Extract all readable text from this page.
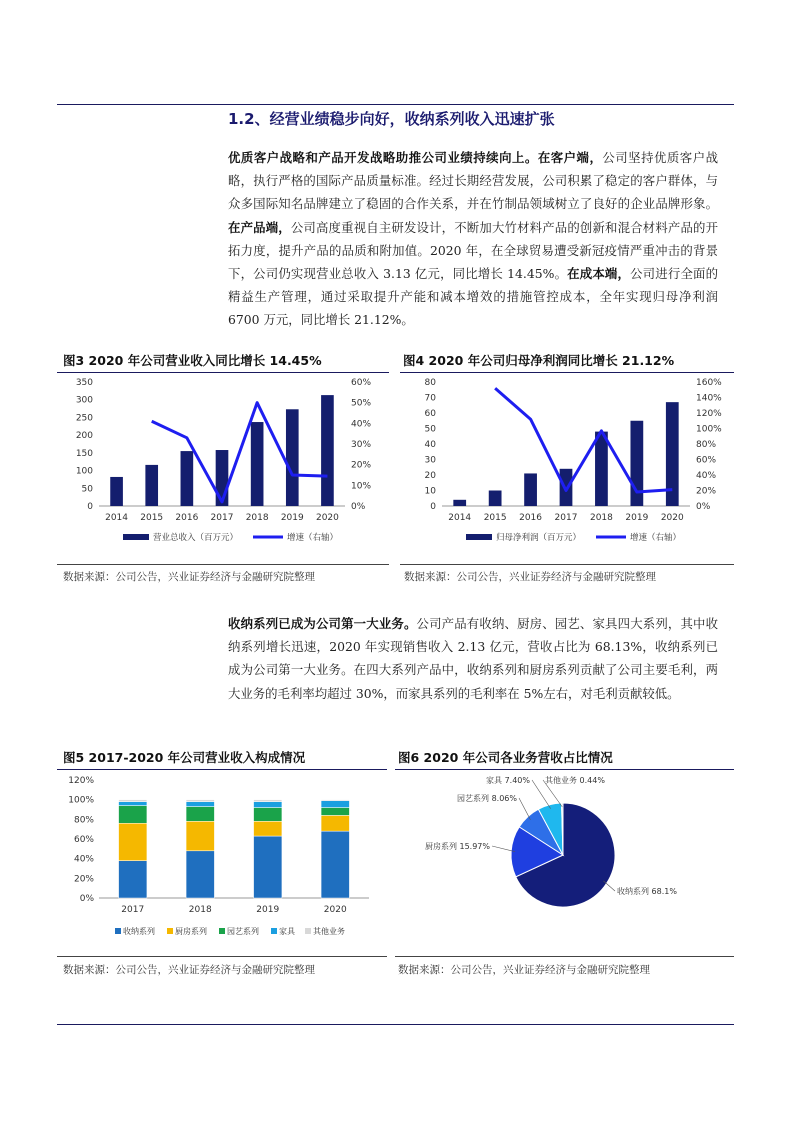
1.2、经营业绩稳步向好，收纳系列收入迅速扩张
优质客户战略和产品开发战略助推公司业绩持续向上。在客户端，公司坚持优质客户战略，执行严格的国际产品质量标准。经过长期经营发展，公司积累了稳定的客户群体，与众多国际知名品牌建立了稳固的合作关系，并在竹制品领域树立了良好的企业品牌形象。在产品端，公司高度重视自主研发设计，不断加大竹材料产品的创新和混合材料产品的开拓力度，提升产品的品质和附加值。2020 年，在全球贸易遭受新冠疫情严重冲击的背景下，公司仍实现营业总收入 3.13 亿元，同比增长 14.45%。在成本端，公司进行全面的精益生产管理，通过采取提升产能和减本增效的措施管控成本，全年实现归母净利润 6700 万元，同比增长 21.12%。
图3 2020 年公司营业收入同比增长 14.45%
0
50
100
150
200
250
300
350
0%
10%
20%
30%
40%
50%
60%
2014 2015 2016 2017 2018 2019 2020
营业总收入（百万元）	增速（右轴）
数据来源：公司公告，兴业证券经济与金融研究院整理
图4 2020 年公司归母净利润同比增长 21.12%
0
10
20
30
40
50
60
70
80
0%
20%
40%
60%
80%
100%
120%
140%
160%
2014 2015 2016 2017 2018 2019 2020
归母净利润（百万元）	增速（右轴）
数据来源：公司公告，兴业证券经济与金融研究院整理
收纳系列已成为公司第一大业务。公司产品有收纳、厨房、园艺、家具四大系列，其中收纳系列增长迅速，2020 年实现销售收入 2.13 亿元，营收占比为 68.13%，收纳系列已成为公司第一大业务。在四大系列产品中，收纳系列和厨房系列贡献了公司主要毛利，两大业务的毛利率均超过 30%，而家具系列的毛利率在 5%左右，对毛利贡献较低。
图5 2017-2020 年公司营业收入构成情况
0%
20%
40%
60%
80%
100%
120%
2017	2018	2019	2020
收纳系列	厨房系列	园艺系列	家具 其他业务
数据来源：公司公告，兴业证券经济与金融研究院整理
图6 2020 年公司各业务营收占比情况
收纳系列 68.1%
厨房系列 15.97%
园艺系列 8.06%
家具 7.40% 其他业务 0.44%
数据来源：公司公告，兴业证券经济与金融研究院整理
